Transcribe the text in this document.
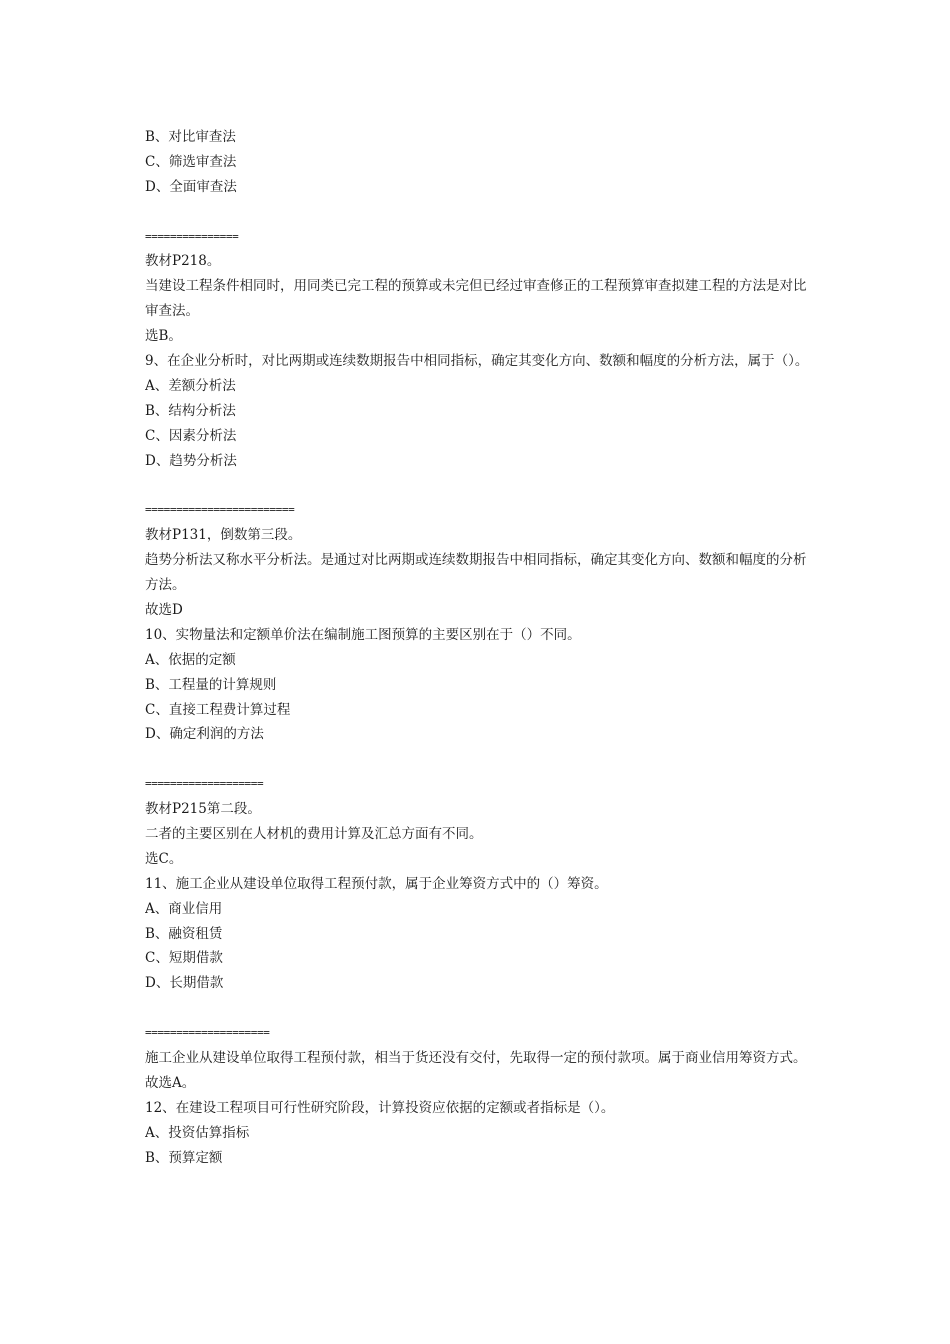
B、对比审查法
C、筛选审查法
D、全面审查法
===============
教材P218。
当建设工程条件相同时，用同类已完工程的预算或未完但已经过审查修正的工程预算审查拟建工程的方法是对比审查法。
选B。
9、在企业分析时，对比两期或连续数期报告中相同指标，确定其变化方向、数额和幅度的分析方法，属于（）。
A、差额分析法
B、结构分析法
C、因素分析法
D、趋势分析法
========================
教材P131，倒数第三段。
趋势分析法又称水平分析法。是通过对比两期或连续数期报告中相同指标，确定其变化方向、数额和幅度的分析方法。
故选D
10、实物量法和定额单价法在编制施工图预算的主要区别在于（）不同。
A、依据的定额
B、工程量的计算规则
C、直接工程费计算过程
D、确定利润的方法
===================
教材P215第二段。
二者的主要区别在人材机的费用计算及汇总方面有不同。
选C。
11、施工企业从建设单位取得工程预付款，属于企业筹资方式中的（）筹资。
A、商业信用
B、融资租赁
C、短期借款
D、长期借款
====================
施工企业从建设单位取得工程预付款，相当于货还没有交付，先取得一定的预付款项。属于商业信用筹资方式。
故选A。
12、在建设工程项目可行性研究阶段，计算投资应依据的定额或者指标是（）。
A、投资估算指标
B、预算定额
